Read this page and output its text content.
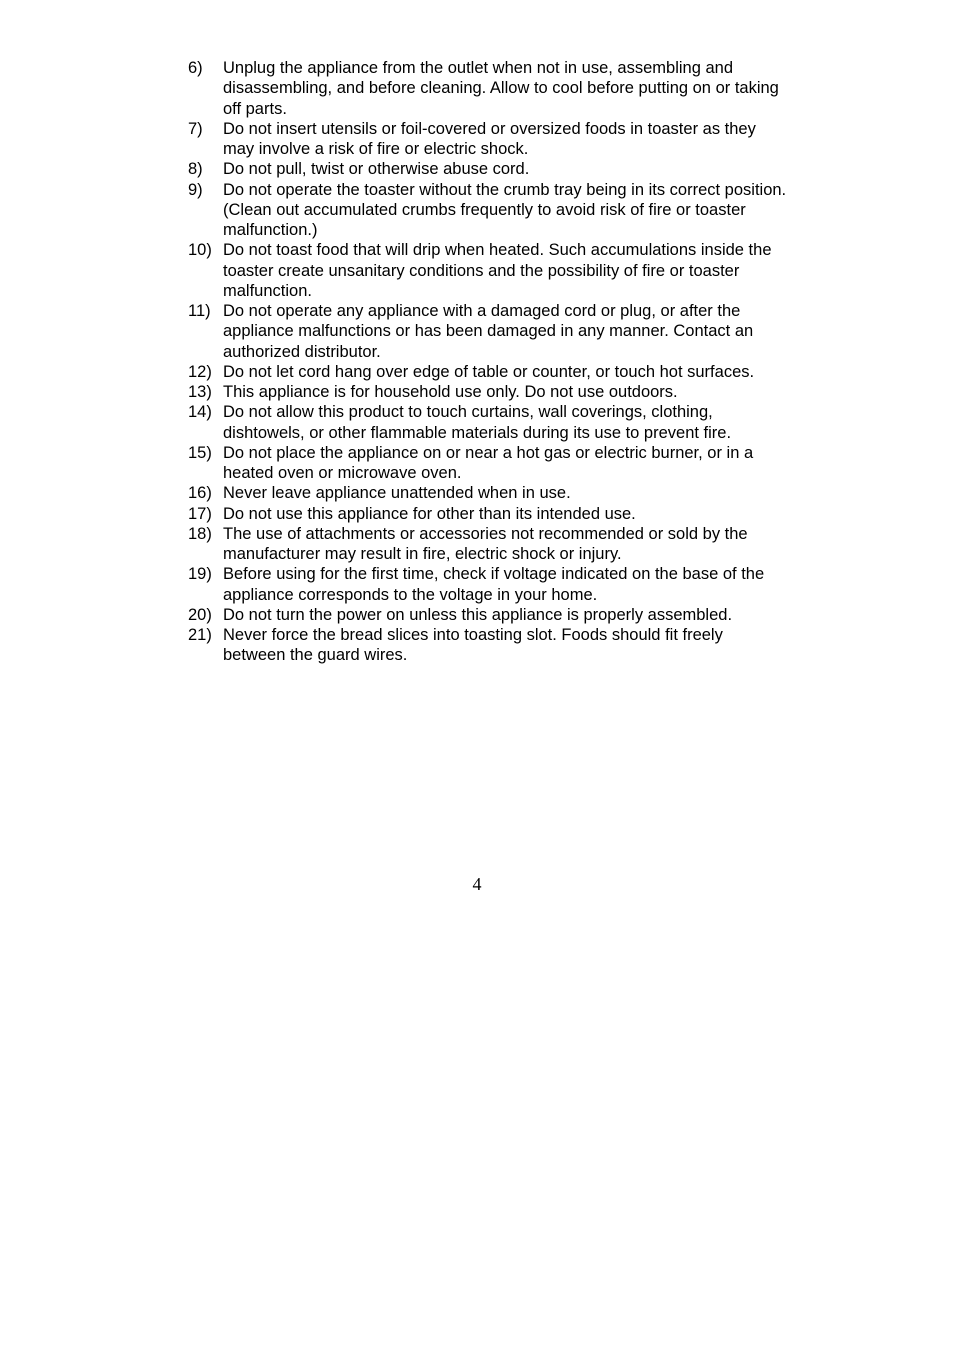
6)	Unplug the appliance from the outlet when not in use, assembling and disassembling, and before cleaning. Allow to cool before putting on or taking off parts.
7)	Do not insert utensils or foil-covered or oversized foods in toaster as they may involve a risk of fire or electric shock.
8)	Do not pull, twist or otherwise abuse cord.
9)	Do not operate the toaster without the crumb tray being in its correct position. (Clean out accumulated crumbs frequently to avoid risk of fire or toaster malfunction.)
10) Do not toast food that will drip when heated. Such accumulations inside the toaster create unsanitary conditions and the possibility of fire or toaster malfunction.
11) Do not operate any appliance with a damaged cord or plug, or after the appliance malfunctions or has been damaged in any manner. Contact an authorized distributor.
12) Do not let cord hang over edge of table or counter, or touch hot surfaces.
13) This appliance is for household use only. Do not use outdoors.
14) Do not allow this product to touch curtains, wall coverings, clothing, dishtowels, or other flammable materials during its use to prevent fire.
15) Do not place the appliance on or near a hot gas or electric burner, or in a heated oven or microwave oven.
16) Never leave appliance unattended when in use.
17) Do not use this appliance for other than its intended use.
18) The use of attachments or accessories not recommended or sold by the manufacturer may result in fire, electric shock or injury.
19) Before using for the first time, check if voltage indicated on the base of the appliance corresponds to the voltage in your home.
20) Do not turn the power on unless this appliance is properly assembled.
21) Never force the bread slices into toasting slot. Foods should fit freely between the guard wires.
4
